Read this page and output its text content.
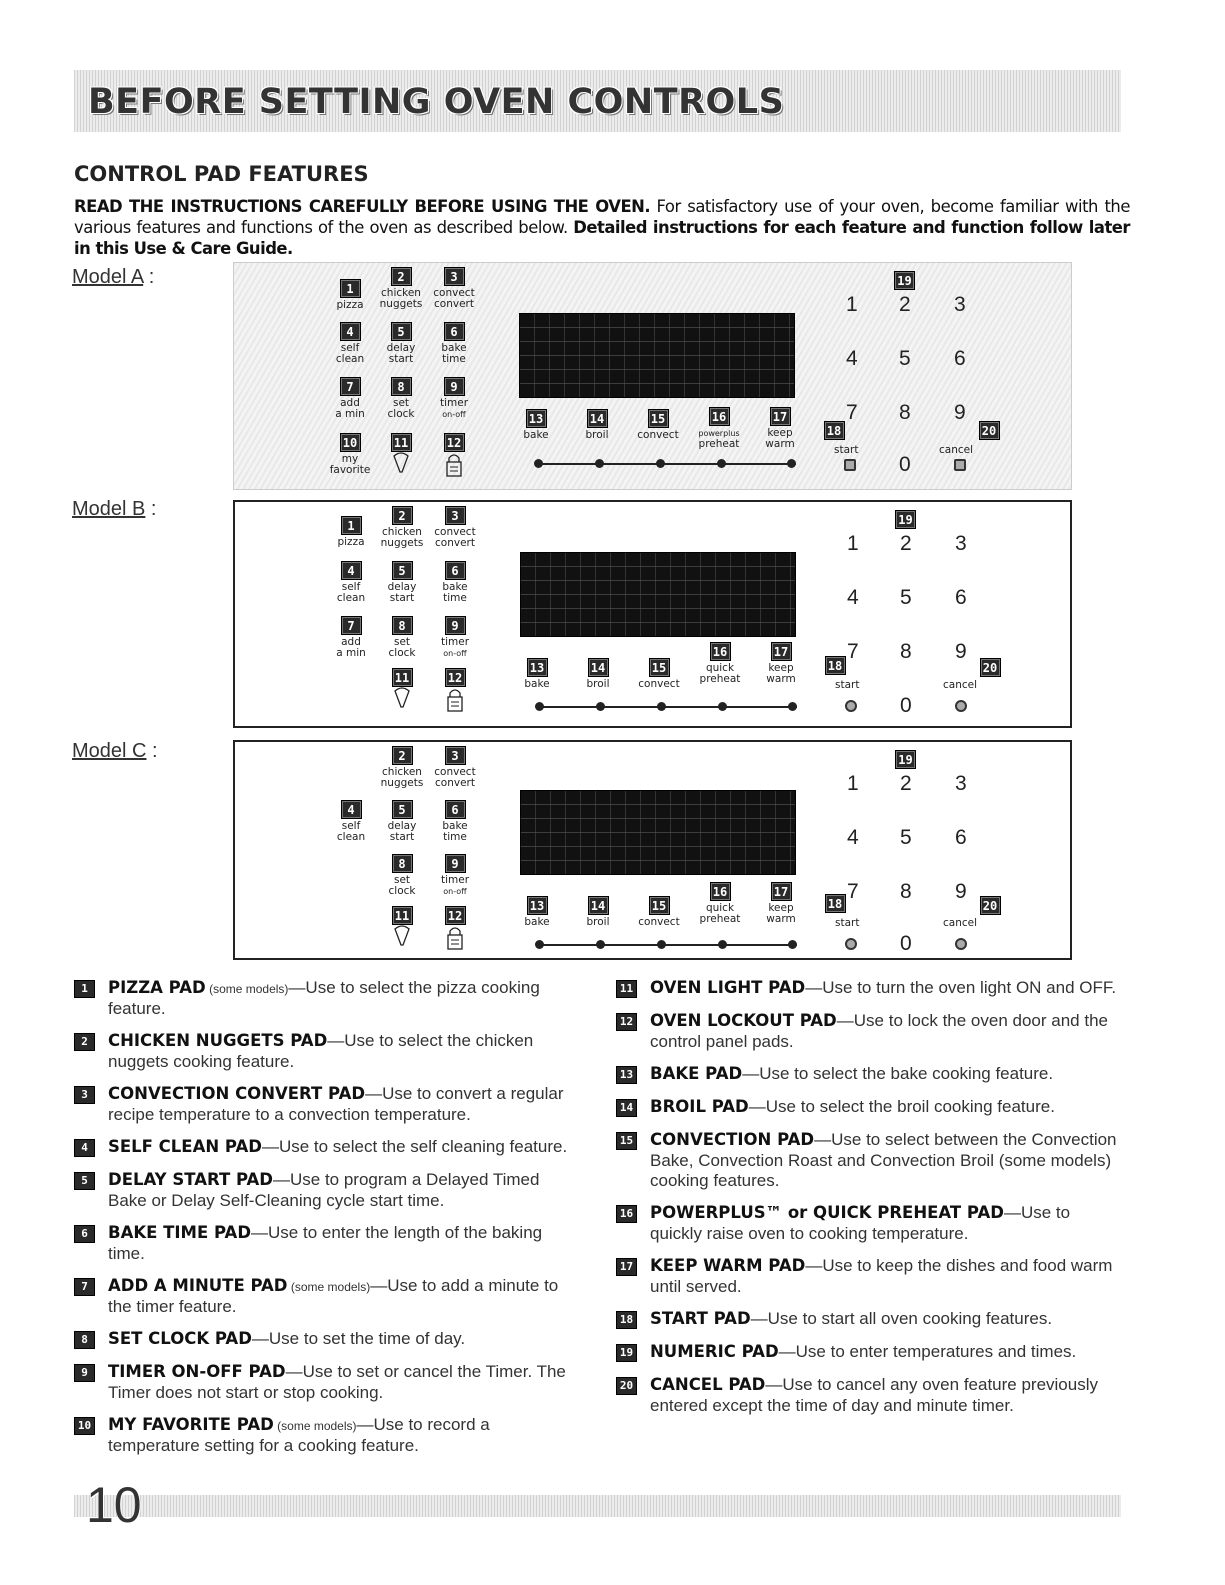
BEFORE SETTING OVEN CONTROLS
CONTROL PAD FEATURES
READ THE INSTRUCTIONS CAREFULLY BEFORE USING THE OVEN. For satisfactory use of your oven, become familiar with the various features and functions of the oven as described below. Detailed instructions for each feature and function follow later in this Use & Care Guide.
Model A :
Model B :
Model C :
1
pizza
2
chicken
nuggets
3
convect
convert
4
self
clean
5
delay
start
6
bake
time
7
add
a min
8
set
clock
9
timer
on-off
10
my
favorite
11	12
13
bake
14
broil
15
convect
16
powerplus
preheat
17
keep
warm
1 2 3
19
4 5 6
7 8 9
18
start
20
cancel
0
1
pizza
2
chicken
nuggets
3
convect
convert
4
self
clean
5
delay
start
6
bake
time
7
add
a min
8
set
clock
9
timer
on-off
11	12
13
bake
14
broil
15
convect
16
quick
preheat
17
keep
warm
19
1 2 3
4 5 6
7 8 9
18
start
20
cancel
0
2
chicken
nuggets
3
convect
convert
4
self
clean
5
delay
start
6
bake
time
8
set
clock
9
timer
on-off
11	12
13
bake
14
broil
15
convect
16
quick
preheat
17
keep
warm
19
1 2 3
4 5 6
7 8 9
18
start
20
cancel
0
1	PIZZA PAD (some models)—Use to select the pizza cooking feature.
2	CHICKEN NUGGETS PAD—Use to select the chicken nuggets cooking feature.
3	CONVECTION CONVERT PAD—Use to convert a regular recipe temperature to a convection temperature.
4	SELF CLEAN PAD—Use to select the self cleaning feature.
5	DELAY START PAD—Use to program a Delayed Timed Bake or Delay Self-Cleaning cycle start time.
6	BAKE TIME PAD—Use to enter the length of the baking time.
7	ADD A MINUTE PAD (some models)—Use to add a minute to the timer feature.
8	SET CLOCK PAD—Use to set the time of day.
9	TIMER ON-OFF PAD—Use to set or cancel the Timer. The Timer does not start or stop cooking.
10 MY FAVORITE PAD (some models)—Use to record a temperature setting for a cooking feature.
11 OVEN LIGHT PAD—Use to turn the oven light ON and OFF.
12 OVEN LOCKOUT PAD—Use to lock the oven door and the control panel pads.
13 BAKE PAD—Use to select the bake cooking feature.
14 BROIL PAD—Use to select the broil cooking feature.
15 CONVECTION PAD—Use to select between the Convection Bake, Convection Roast and Convection Broil (some models) cooking features.
16 POWERPLUS™ or QUICK PREHEAT PAD—Use to quickly raise oven to cooking temperature.
17 KEEP WARM PAD—Use to keep the dishes and food warm until served.
18 START PAD—Use to start all oven cooking features.
19 NUMERIC PAD—Use to enter temperatures and times.
20 CANCEL PAD—Use to cancel any oven feature previously entered except the time of day and minute timer.
10
